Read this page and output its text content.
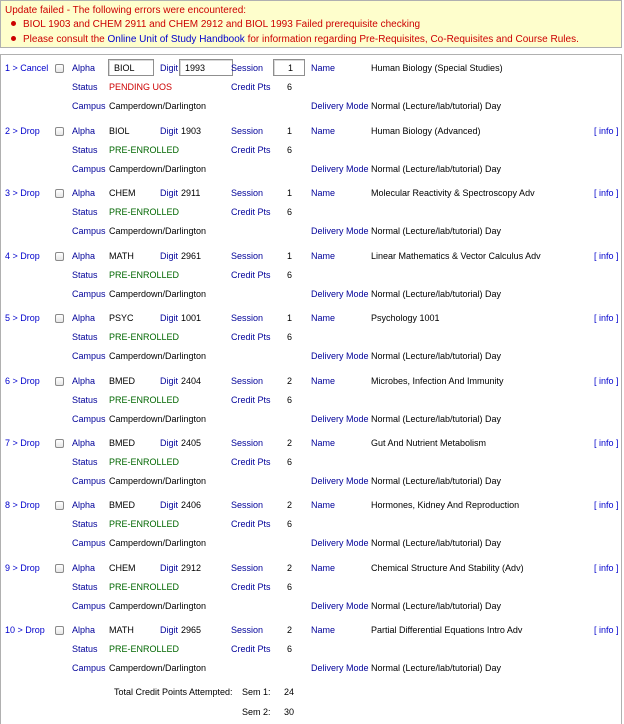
Update failed - The following errors were encountered:
BIOL 1903 and CHEM 2911 and CHEM 2912 and BIOL 1993 Failed prerequisite checking
Please consult the Online Unit of Study Handbook for information regarding Pre-Requisites, Co-Requisites and Course Rules.
1 > Cancel	Alpha	BIOL	Digit 1993	Session	1	Name	Human Biology (Special Studies)
Status PENDING UOS	Credit Pts 6
Campus Camperdown/Darlington	Delivery Mode Normal (Lecture/lab/tutorial) Day
2 > Drop	Alpha BIOL	Digit 1903	Session	1 Name	Human Biology (Advanced)	[ info ]
Status PRE-ENROLLED	Credit Pts 6
Campus Camperdown/Darlington	Delivery Mode Normal (Lecture/lab/tutorial) Day
3 > Drop	Alpha CHEM	Digit 2911	Session	1 Name	Molecular Reactivity & Spectroscopy Adv	[ info ]
Status PRE-ENROLLED	Credit Pts 6
Campus Camperdown/Darlington	Delivery Mode Normal (Lecture/lab/tutorial) Day
4 > Drop	Alpha MATH	Digit 2961	Session	1 Name	Linear Mathematics & Vector Calculus Adv	[ info ]
Status PRE-ENROLLED	Credit Pts 6
Campus Camperdown/Darlington	Delivery Mode Normal (Lecture/lab/tutorial) Day
5 > Drop	Alpha PSYC	Digit 1001	Session	1 Name	Psychology 1001	[ info ]
Status PRE-ENROLLED	Credit Pts 6
Campus Camperdown/Darlington	Delivery Mode Normal (Lecture/lab/tutorial) Day
6 > Drop	Alpha BMED	Digit 2404	Session	2 Name	Microbes, Infection And Immunity	[ info ]
Status PRE-ENROLLED	Credit Pts 6
Campus Camperdown/Darlington	Delivery Mode Normal (Lecture/lab/tutorial) Day
7 > Drop	Alpha BMED	Digit 2405	Session	2 Name	Gut And Nutrient Metabolism	[ info ]
Status PRE-ENROLLED	Credit Pts 6
Campus Camperdown/Darlington	Delivery Mode Normal (Lecture/lab/tutorial) Day
8 > Drop	Alpha BMED	Digit 2406	Session	2 Name	Hormones, Kidney And Reproduction	[ info ]
Status PRE-ENROLLED	Credit Pts 6
Campus Camperdown/Darlington	Delivery Mode Normal (Lecture/lab/tutorial) Day
9 > Drop	Alpha CHEM	Digit 2912	Session	2 Name	Chemical Structure And Stability (Adv)	[ info ]
Status PRE-ENROLLED	Credit Pts 6
Campus Camperdown/Darlington	Delivery Mode Normal (Lecture/lab/tutorial) Day
10 > Drop	Alpha MATH	Digit 2965	Session	2 Name	Partial Differential Equations Intro Adv	[ info ]
Status PRE-ENROLLED	Credit Pts 6
Campus Camperdown/Darlington	Delivery Mode Normal (Lecture/lab/tutorial) Day
Total Credit Points Attempted: Sem 1: 24
Sem 2: 30
